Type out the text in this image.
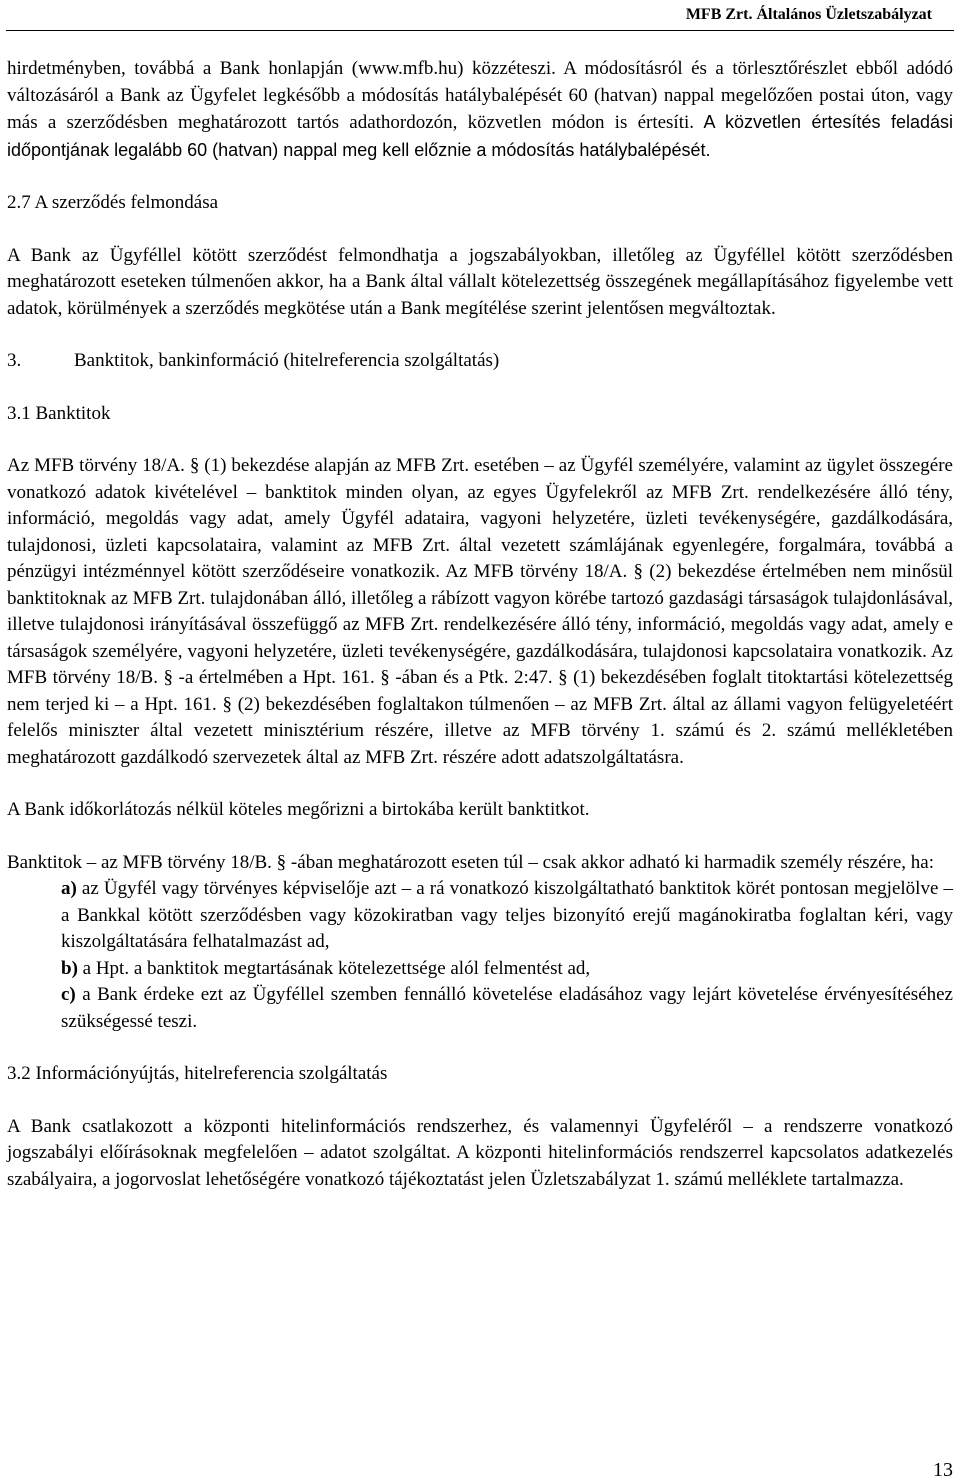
MFB Zrt. Általános Üzletszabályzat

hirdetményben, továbbá a Bank honlapján (www.mfb.hu) közzéteszi. A módosításról és a törlesztőrészlet ebből adódó változásáról a Bank az Ügyfelet legkésőbb a módosítás hatálybalépését 60 (hatvan) nappal megelőzően postai úton, vagy más a szerződésben meghatározott tartós adathordozón, közvetlen módon is értesíti. A közvetlen értesítés feladási időpontjának legalább 60 (hatvan) nappal meg kell előznie a módosítás hatálybalépését.

2.7 A szerződés felmondása

A Bank az Ügyféllel kötött szerződést felmondhatja a jogszabályokban, illetőleg az Ügyféllel kötött szerződésben meghatározott eseteken túlmenően akkor, ha a Bank által vállalt kötelezettség összegének megállapításához figyelembe vett adatok, körülmények a szerződés megkötése után a Bank megítélése szerint jelentősen megváltoztak.

3.	Banktitok, bankinformáció (hitelreferencia szolgáltatás)

3.1 Banktitok

Az MFB törvény 18/A. § (1) bekezdése alapján az MFB Zrt. esetében – az Ügyfél személyére, valamint az ügylet összegére vonatkozó adatok kivételével – banktitok minden olyan, az egyes Ügyfelekről az MFB Zrt. rendelkezésére álló tény, információ, megoldás vagy adat, amely Ügyfél adataira, vagyoni helyzetére, üzleti tevékenységére, gazdálkodására, tulajdonosi, üzleti kapcsolataira, valamint az MFB Zrt. által vezetett számlájának egyenlegére, forgalmára, továbbá a pénzügyi intézménnyel kötött szerződéseire vonatkozik. Az MFB törvény 18/A. § (2) bekezdése értelmében nem minősül banktitoknak az MFB Zrt. tulajdonában álló, illetőleg a rábízott vagyon körébe tartozó gazdasági társaságok tulajdonlásával, illetve tulajdonosi irányításával összefüggő az MFB Zrt. rendelkezésére álló tény, információ, megoldás vagy adat, amely e társaságok személyére, vagyoni helyzetére, üzleti tevékenységére, gazdálkodására, tulajdonosi kapcsolataira vonatkozik. Az MFB törvény 18/B. § -a értelmében a Hpt. 161. § -ában és a Ptk. 2:47. § (1) bekezdésében foglalt titoktartási kötelezettség nem terjed ki – a Hpt. 161. § (2) bekezdésében foglaltakon túlmenően – az MFB Zrt. által az állami vagyon felügyeletéért felelős miniszter által vezetett minisztérium részére, illetve az MFB törvény 1. számú és 2. számú mellékletében meghatározott gazdálkodó szervezetek által az MFB Zrt. részére adott adatszolgáltatásra.

A Bank időkorlátozás nélkül köteles megőrizni a birtokába került banktitkot.

Banktitok – az MFB törvény 18/B. § -ában meghatározott eseten túl – csak akkor adható ki harmadik személy részére, ha:

a) az Ügyfél vagy törvényes képviselője azt – a rá vonatkozó kiszolgáltatható banktitok körét pontosan megjelölve – a Bankkal kötött szerződésben vagy közokiratban vagy teljes bizonyító erejű magánokiratba foglaltan kéri, vagy kiszolgáltatására felhatalmazást ad,

b) a Hpt. a banktitok megtartásának kötelezettsége alól felmentést ad,

c) a Bank érdeke ezt az Ügyféllel szemben fennálló követelése eladásához vagy lejárt követelése érvényesítéséhez szükségessé teszi.

3.2 Információnyújtás, hitelreferencia szolgáltatás

A Bank csatlakozott a központi hitelinformációs rendszerhez, és valamennyi Ügyfeléről – a rendszerre vonatkozó jogszabályi előírásoknak megfelelően – adatot szolgáltat. A központi hitelinformációs rendszerrel kapcsolatos adatkezelés szabályaira, a jogorvoslat lehetőségére vonatkozó tájékoztatást jelen Üzletszabályzat 1. számú melléklete tartalmazza.

13
